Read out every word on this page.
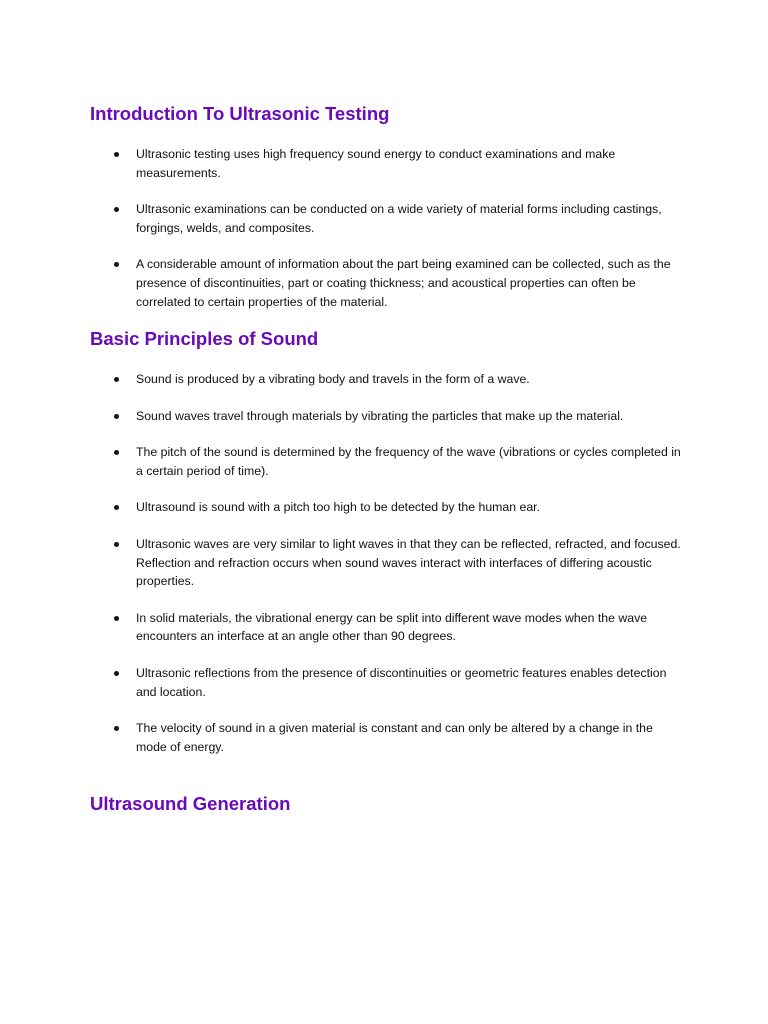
Introduction To Ultrasonic Testing
Ultrasonic testing uses high frequency sound energy to conduct examinations and make measurements.
Ultrasonic examinations can be conducted on a wide variety of material forms including castings, forgings, welds, and composites.
A considerable amount of information about the part being examined can be collected, such as the presence of discontinuities, part or coating thickness; and acoustical properties can often be correlated to certain properties of the material.
Basic Principles of Sound
Sound is produced by a vibrating body and travels in the form of a wave.
Sound waves travel through materials by vibrating the particles that make up the material.
The pitch of the sound is determined by the frequency of the wave (vibrations or cycles completed in a certain period of time).
Ultrasound is sound with a pitch too high to be detected by the human ear.
Ultrasonic waves are very similar to light waves in that they can be reflected, refracted, and focused.
Reflection and refraction occurs when sound waves interact with interfaces of differing acoustic properties.
In solid materials, the vibrational energy can be split into different wave modes when the wave encounters an interface at an angle other than 90 degrees.
Ultrasonic reflections from the presence of discontinuities or geometric features enables detection and location.
The velocity of sound in a given material is constant and can only be altered by a change in the mode of energy.
Ultrasound Generation
